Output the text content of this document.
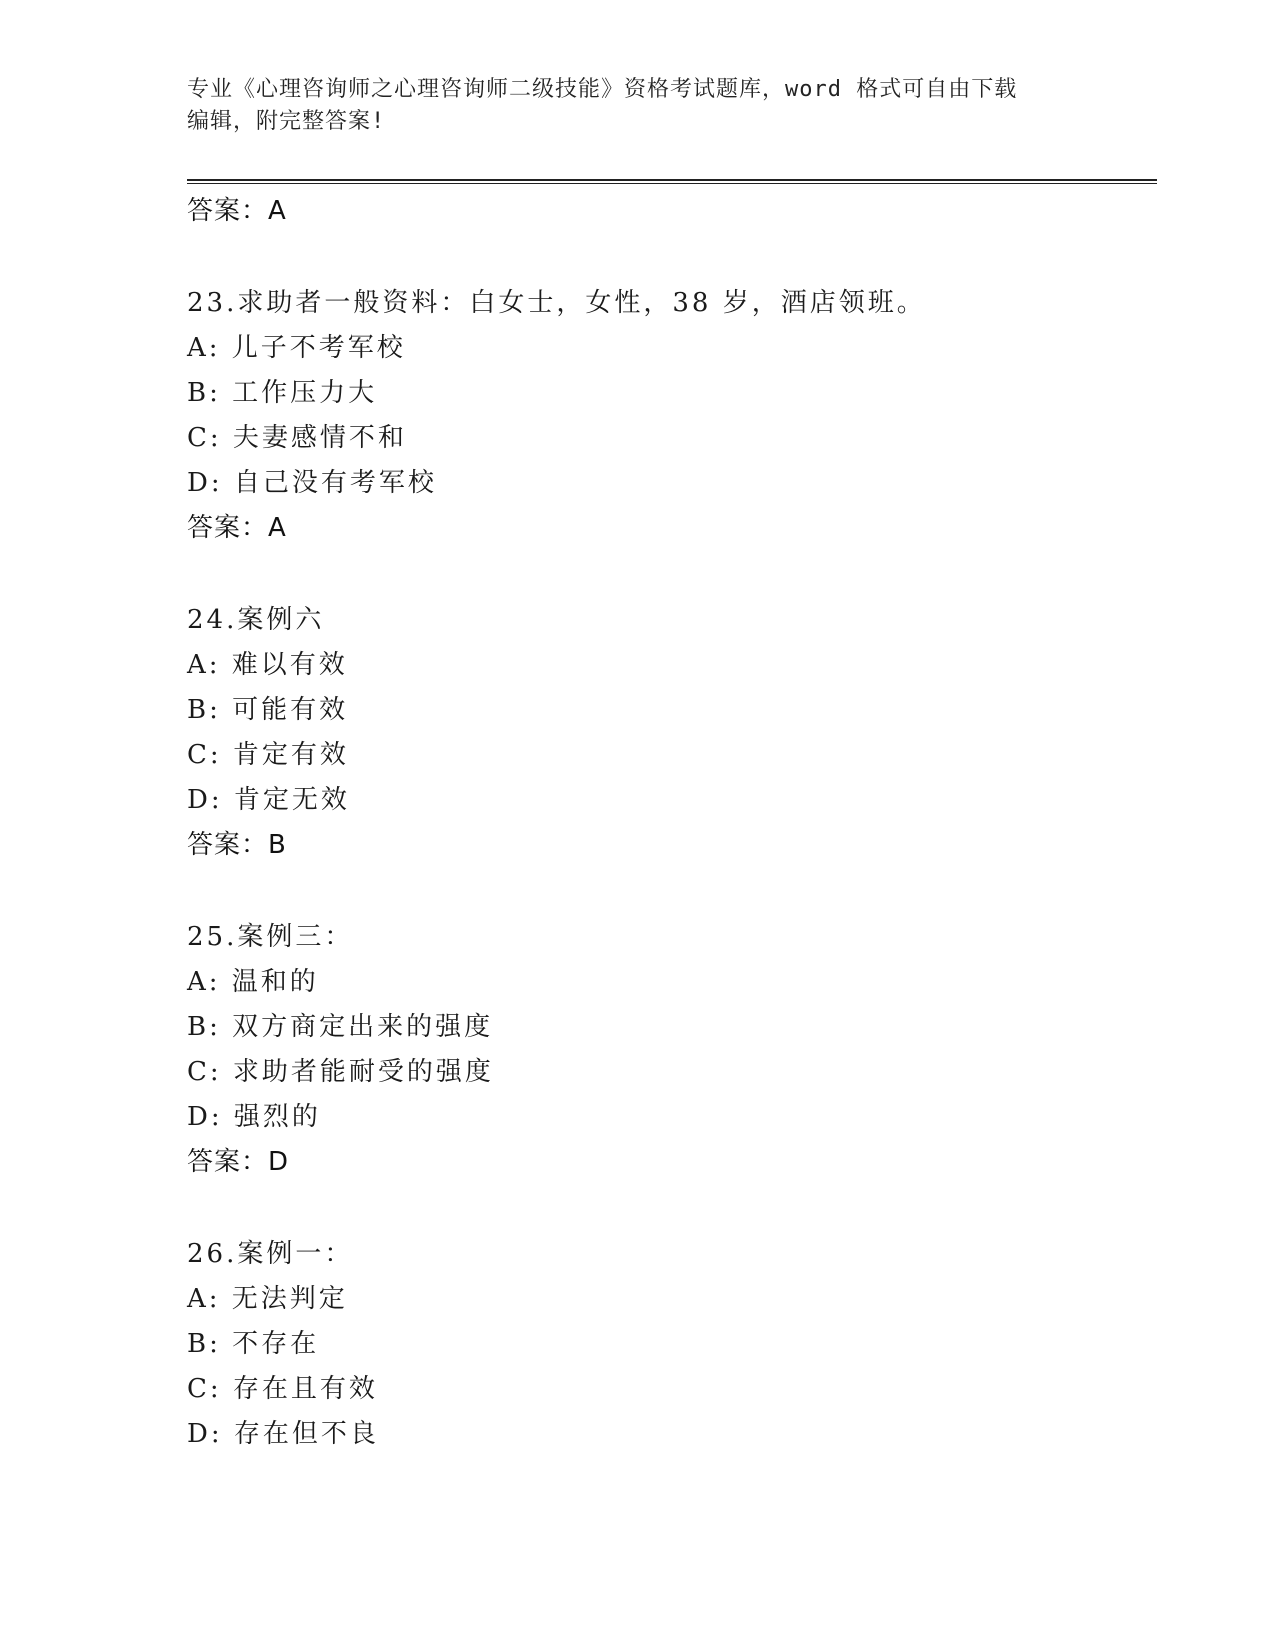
专业《心理咨询师之心理咨询师二级技能》资格考试题库，word 格式可自由下载
编辑，附完整答案!
答案：A
23.求助者一般资料：白女士，女性，38 岁，酒店领班。
A: 儿子不考军校
B: 工作压力大
C: 夫妻感情不和
D: 自己没有考军校
答案：A
24.案例六
A: 难以有效
B: 可能有效
C: 肯定有效
D: 肯定无效
答案：B
25.案例三：
A: 温和的
B: 双方商定出来的强度
C: 求助者能耐受的强度
D: 强烈的
答案：D
26.案例一：
A: 无法判定
B: 不存在
C: 存在且有效
D: 存在但不良
